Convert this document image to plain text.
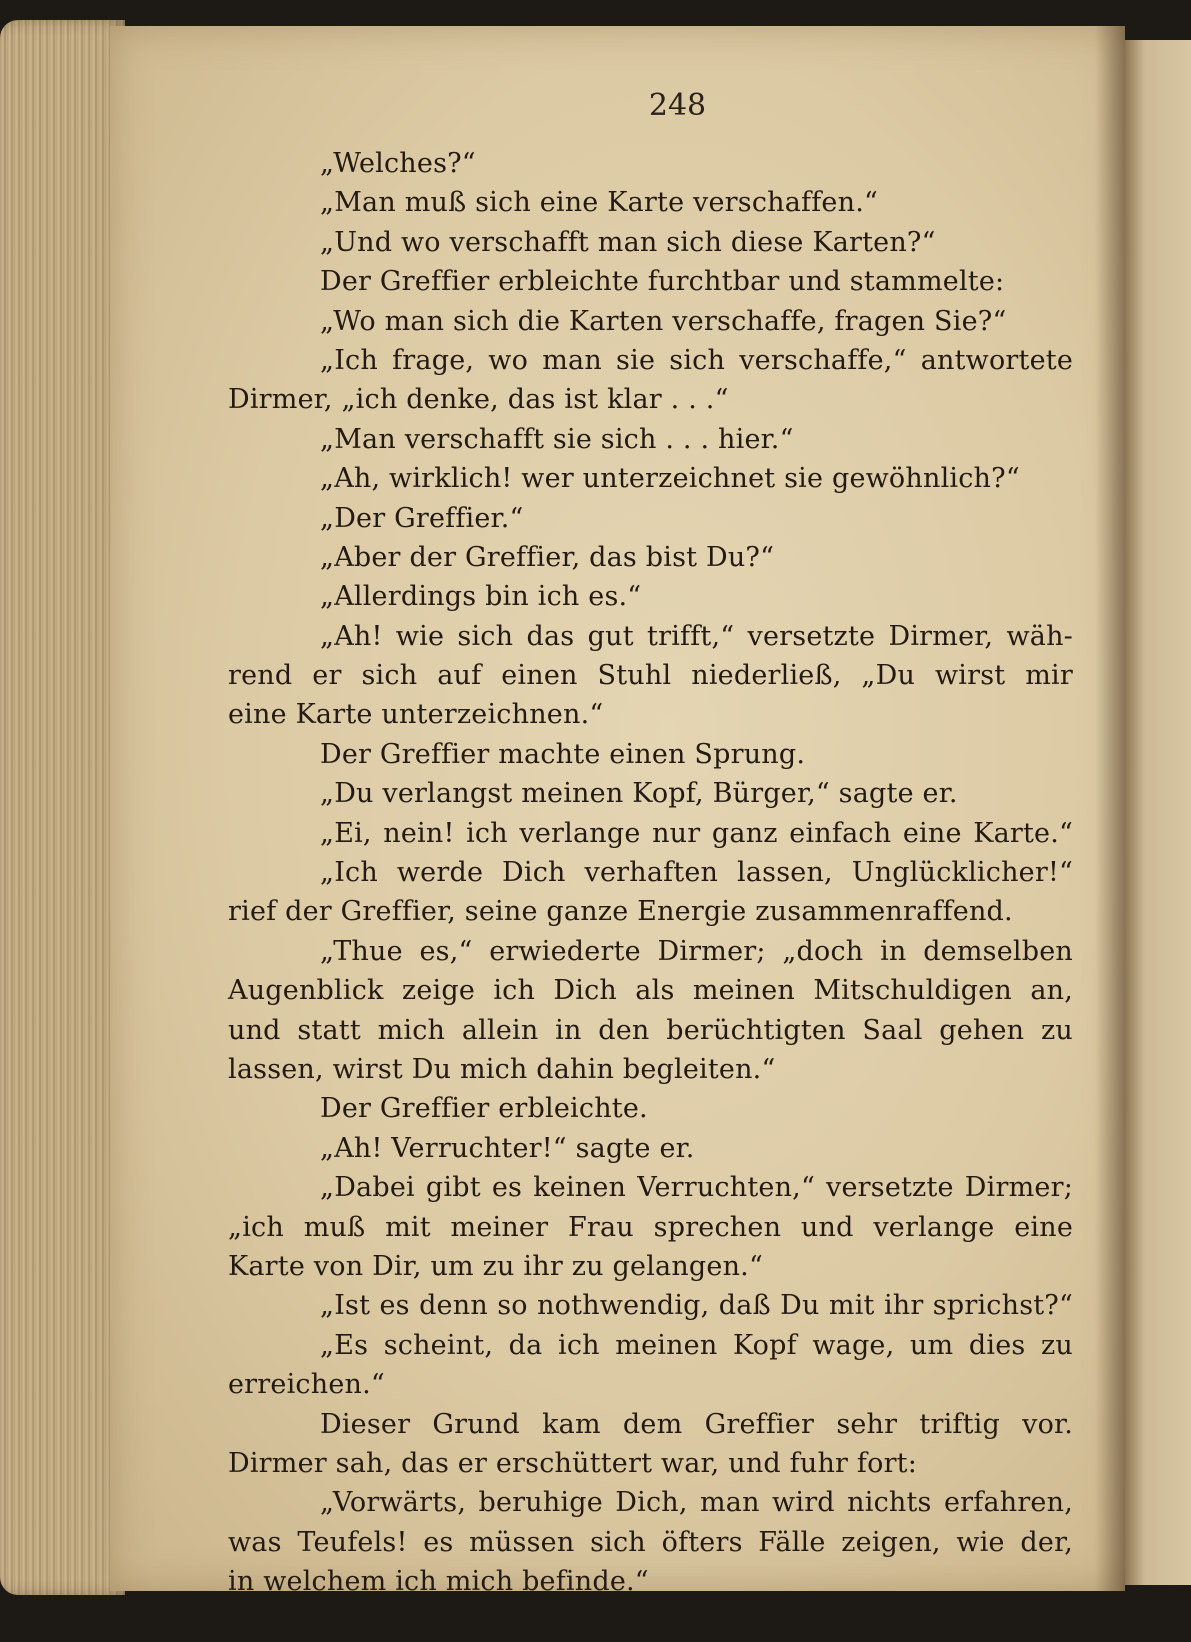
248
„Welches?“
„Man muß sich eine Karte verschaffen.“
„Und wo verschafft man sich diese Karten?“
Der Greffier erbleichte furchtbar und stammelte:
„Wo man sich die Karten verschaffe, fragen Sie?“
„Ich frage, wo man sie sich verschaffe,“ antwortete
Dirmer, „ich denke, das ist klar . . .“
„Man verschafft sie sich . . . hier.“
„Ah, wirklich! wer unterzeichnet sie gewöhnlich?“
„Der Greffier.“
„Aber der Greffier, das bist Du?“
„Allerdings bin ich es.“
„Ah! wie sich das gut trifft,“ versetzte Dirmer, wäh-
rend er sich auf einen Stuhl niederließ, „Du wirst mir
eine Karte unterzeichnen.“
Der Greffier machte einen Sprung.
„Du verlangst meinen Kopf, Bürger,“ sagte er.
„Ei, nein! ich verlange nur ganz einfach eine Karte.“
„Ich werde Dich verhaften lassen, Unglücklicher!“
rief der Greffier, seine ganze Energie zusammenraffend.
„Thue es,“ erwiederte Dirmer; „doch in demselben
Augenblick zeige ich Dich als meinen Mitschuldigen an,
und statt mich allein in den berüchtigten Saal gehen zu
lassen, wirst Du mich dahin begleiten.“
Der Greffier erbleichte.
„Ah! Verruchter!“ sagte er.
„Dabei gibt es keinen Verruchten,“ versetzte Dirmer;
„ich muß mit meiner Frau sprechen und verlange eine
Karte von Dir, um zu ihr zu gelangen.“
„Ist es denn so nothwendig, daß Du mit ihr sprichst?“
„Es scheint, da ich meinen Kopf wage, um dies zu
erreichen.“
Dieser Grund kam dem Greffier sehr triftig vor.
Dirmer sah, das er erschüttert war, und fuhr fort:
„Vorwärts, beruhige Dich, man wird nichts erfahren,
was Teufels! es müssen sich öfters Fälle zeigen, wie der,
in welchem ich mich befinde.“
